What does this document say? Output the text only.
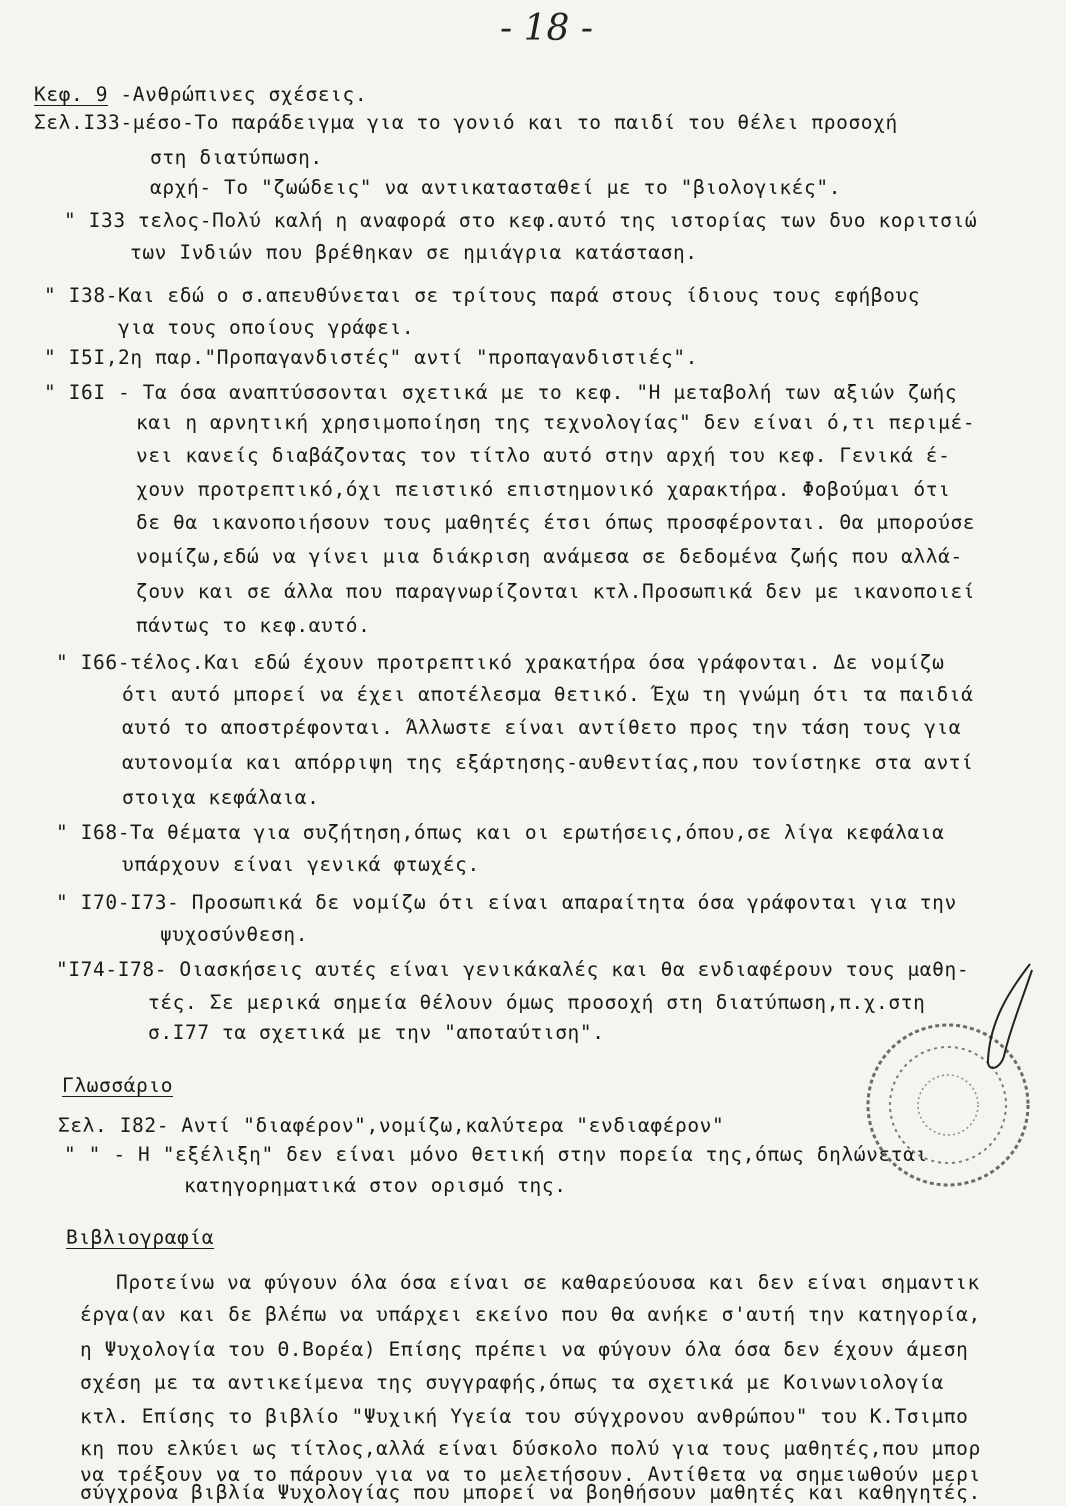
- 18 -
Κεφ. 9 -Ανθρώπινες σχέσεις.
Σελ.I33-μέσο-Το παράδειγμα για το γονιό και το παιδί του θέλει προσοχή
στη διατύπωση.
αρχή- Το "ζωώδεις" να αντικατασταθεί με το "βιολογικές".
" I33 τελος-Πολύ καλή η αναφορά στο κεφ.αυτό της ιστορίας των δυο κοριτσιώ
των Ινδιών που βρέθηκαν σε ημιάγρια κατάσταση.
" I38-Και εδώ ο σ.απευθύνεται σε τρίτους παρά στους ίδιους τους εφήβους
για τους οποίους γράφει.
" I5I,2η παρ."Προπαγανδιστές" αντί "προπαγανδιστιές".
" I6I - Τα όσα αναπτύσσονται σχετικά με το κεφ. "Η μεταβολή των αξιών ζωής
και η αρνητική χρησιμοποίηση της τεχνολογίας" δεν είναι ό,τι περιμέ-
νει κανείς διαβάζοντας τον τίτλο αυτό στην αρχή του κεφ. Γενικά έ-
χουν προτρεπτικό,όχι πειστικό επιστημονικό χαρακτήρα. Φοβούμαι ότι
δε θα ικανοποιήσουν τους μαθητές έτσι όπως προσφέρονται. Θα μπορούσε
νομίζω,εδώ να γίνει μια διάκριση ανάμεσα σε δεδομένα ζωής που αλλά-
ζουν και σε άλλα που παραγνωρίζονται κτλ.Προσωπικά δεν με ικανοποιεί
πάντως το κεφ.αυτό.
" I66-τέλος.Και εδώ έχουν προτρεπτικό χρακατήρα όσα γράφονται. Δε νομίζω
ότι αυτό μπορεί να έχει αποτέλεσμα θετικό. Έχω τη γνώμη ότι τα παιδιά
αυτό το αποστρέφονται. Άλλωστε είναι αντίθετο προς την τάση τους για
αυτονομία και απόρριψη της εξάρτησης-αυθεντίας,που τονίστηκε στα αντί
στοιχα κεφάλαια.
" I68-Τα θέματα για συζήτηση,όπως και οι ερωτήσεις,όπου,σε λίγα κεφάλαια
υπάρχουν είναι γενικά φτωχές.
" I70-I73- Προσωπικά δε νομίζω ότι είναι απαραίτητα όσα γράφονται για την
ψυχοσύνθεση.
"I74-I78- Οιασκήσεις αυτές είναι γενικάκαλές και θα ενδιαφέρουν τους μαθη-
τές. Σε μερικά σημεία θέλουν όμως προσοχή στη διατύπωση,π.χ.στη
σ.I77 τα σχετικά με την "αποταύτιση".
Γλωσσάριο
Σελ. I82- Αντί "διαφέρον",νομίζω,καλύτερα "ενδιαφέρον"
" " - Η "εξέλιξη" δεν είναι μόνο θετική στην πορεία της,όπως δηλώνεται
κατηγορηματικά στον ορισμό της.
Βιβλιογραφία
Προτείνω να φύγουν όλα όσα είναι σε καθαρεύουσα και δεν είναι σημαντικ
έργα(αν και δε βλέπω να υπάρχει εκείνο που θα ανήκε σ'αυτή την κατηγορία,
η Ψυχολογία του Θ.Βορέα) Επίσης πρέπει να φύγουν όλα όσα δεν έχουν άμεση
σχέση με τα αντικείμενα της συγγραφής,όπως τα σχετικά με Κοινωνιολογία
κτλ. Επίσης το βιβλίο "Ψυχική Υγεία του σύγχρονου ανθρώπου" του Κ.Τσιμπο
κη που ελκύει ως τίτλος,αλλά είναι δύσκολο πολύ για τους μαθητές,που μπορ
να τρέξουν να το πάρουν για να το μελετήσουν. Αντίθετα να σημειωθούν μερι
σύγχρονα βιβλία Ψυχολογίας που μπορεί να βοηθήσουν μαθητές και καθηγητές.
